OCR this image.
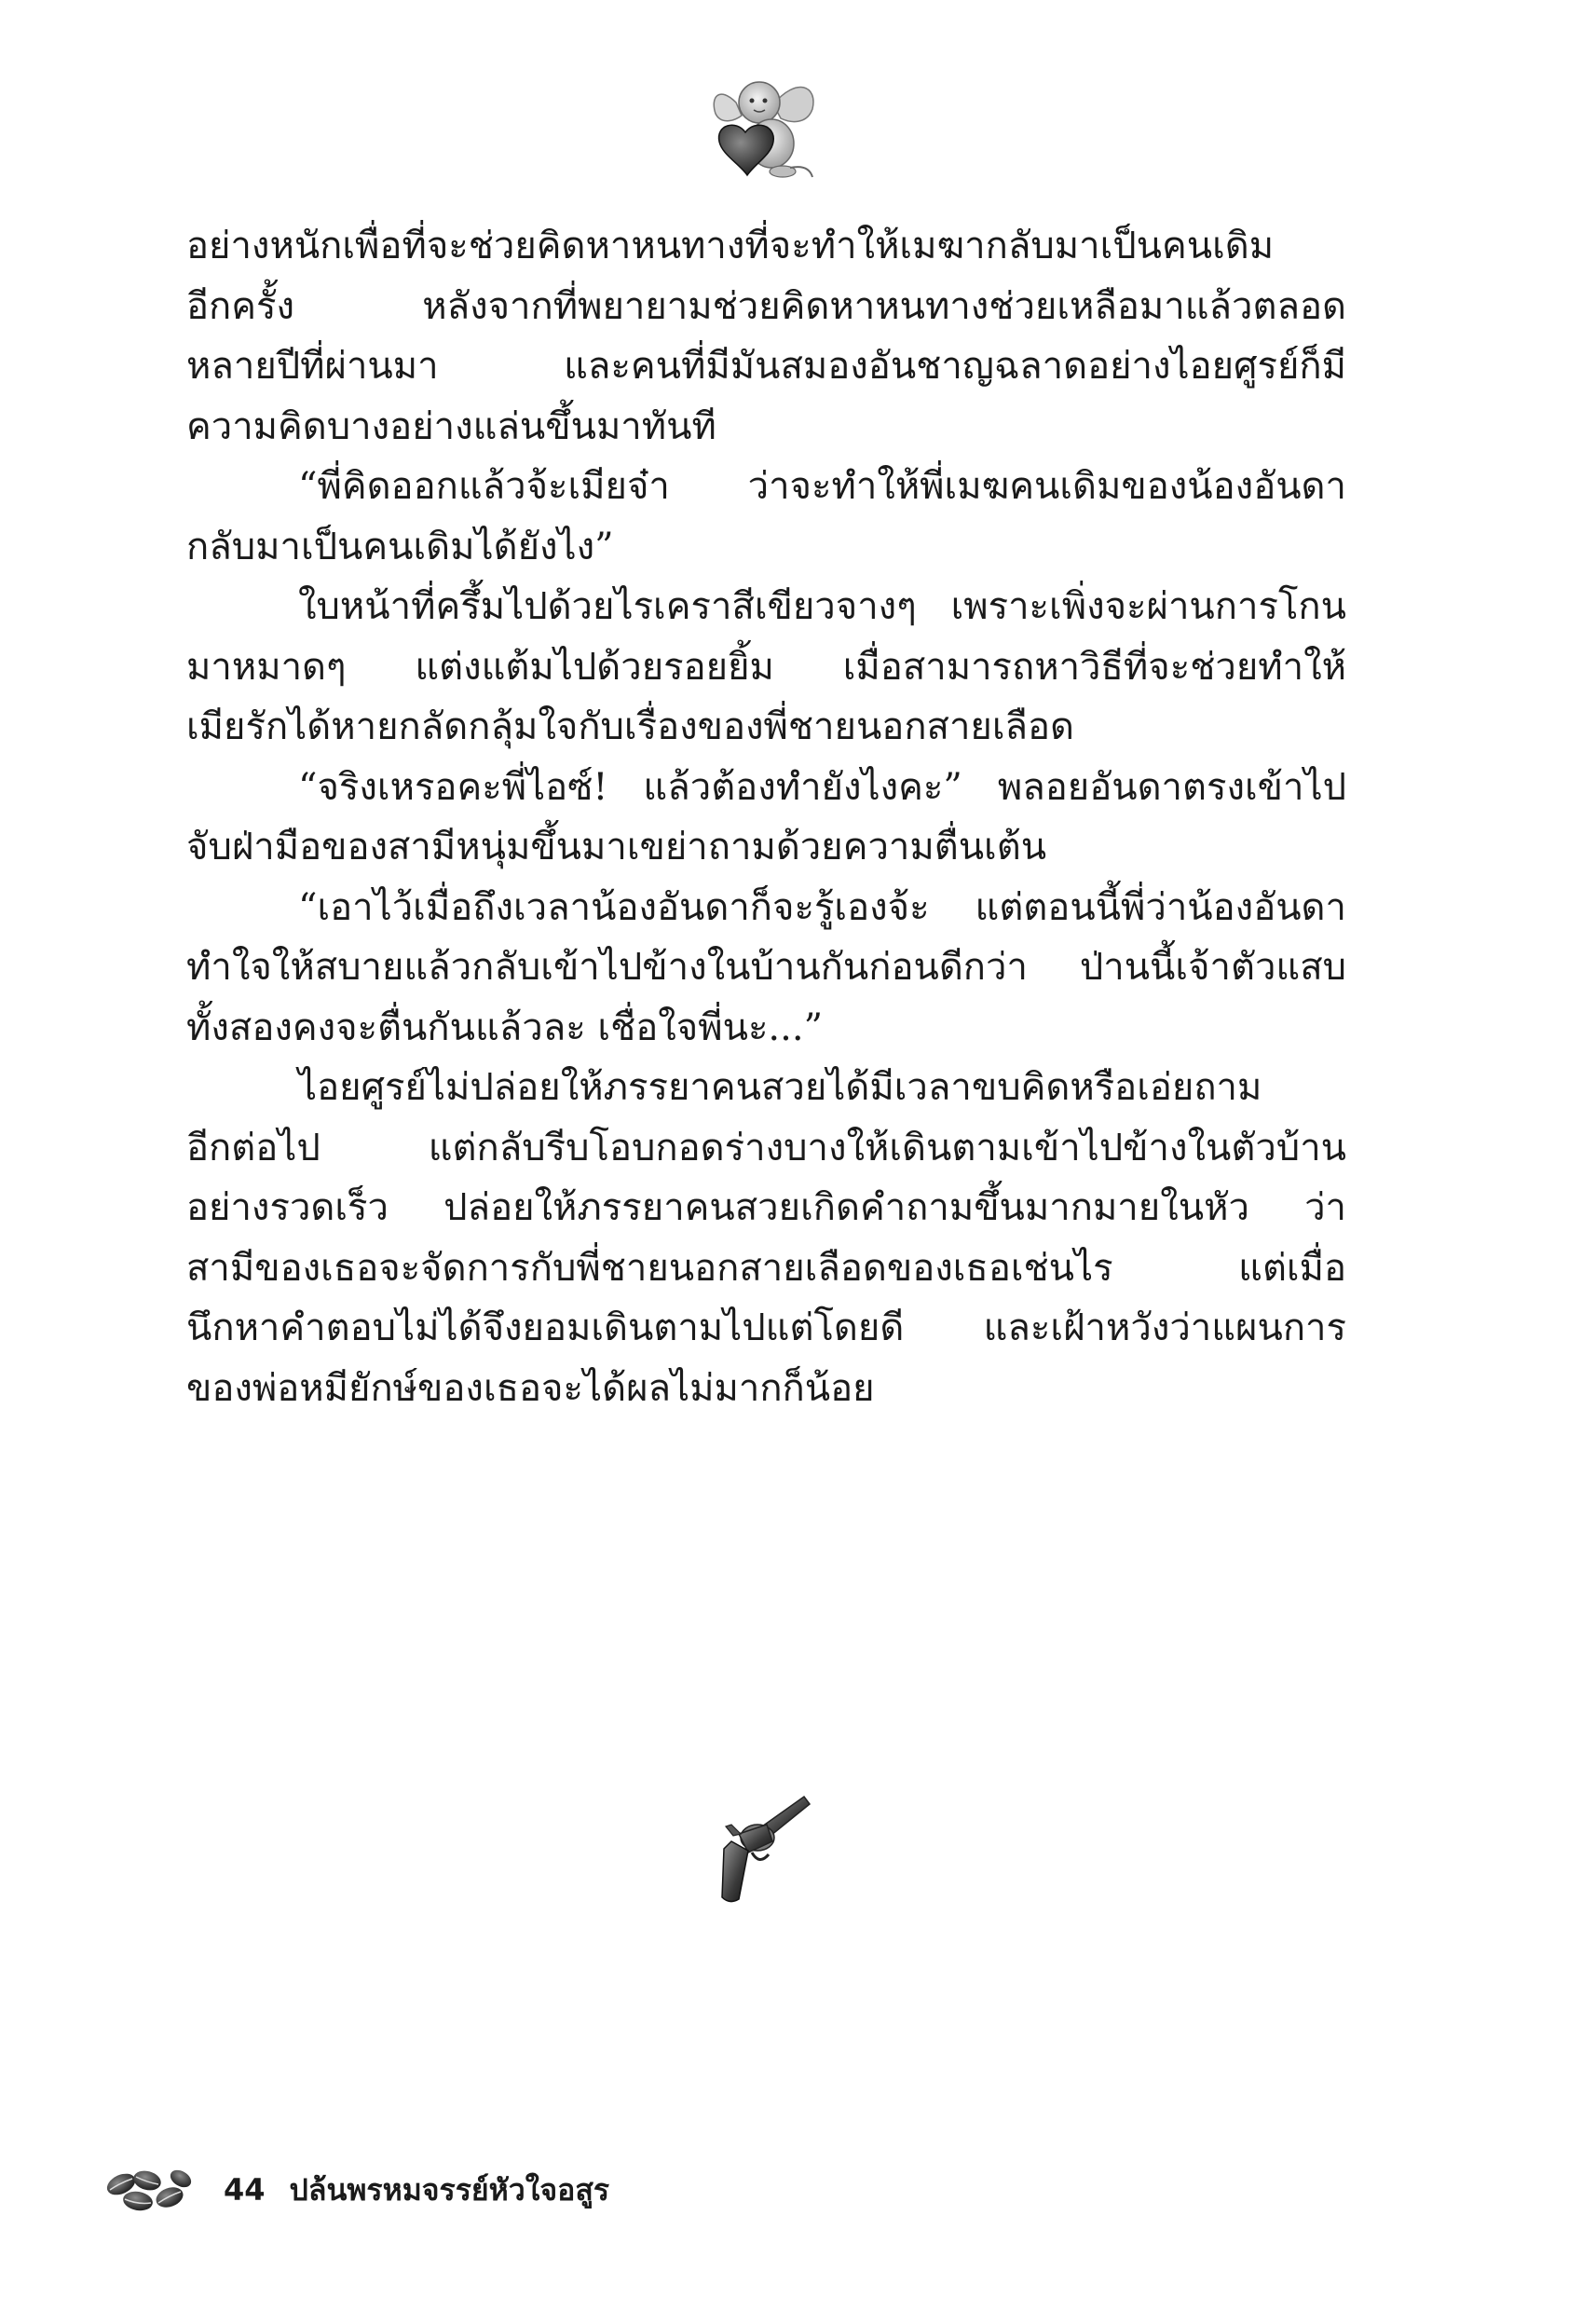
อย่างหนักเพื่อที่จะช่วยคิดหาหนทางที่จะทำให้เมฆากลับมาเป็นคนเดิม
อีกครั้ง หลังจากที่พยายามช่วยคิดหาหนทางช่วยเหลือมาแล้วตลอด
หลายปีที่ผ่านมา และคนที่มีมันสมองอันชาญฉลาดอย่างไอยศูรย์ก็มี
ความคิดบางอย่างแล่นขึ้นมาทันที
“พี่คิดออกแล้วจ้ะเมียจ๋า ว่าจะทำให้พี่เมฆคนเดิมของน้องอันดา
กลับมาเป็นคนเดิมได้ยังไง”
ใบหน้าที่ครึ้มไปด้วยไรเคราสีเขียวจางๆ เพราะเพิ่งจะผ่านการโกน
มาหมาดๆ แต่งแต้มไปด้วยรอยยิ้ม เมื่อสามารถหาวิธีที่จะช่วยทำให้
เมียรักได้หายกลัดกลุ้มใจกับเรื่องของพี่ชายนอกสายเลือด
“จริงเหรอคะพี่ไอซ์! แล้วต้องทำยังไงคะ” พลอยอันดาตรงเข้าไป
จับฝ่ามือของสามีหนุ่มขึ้นมาเขย่าถามด้วยความตื่นเต้น
“เอาไว้เมื่อถึงเวลาน้องอันดาก็จะรู้เองจ้ะ แต่ตอนนี้พี่ว่าน้องอันดา
ทำใจให้สบายแล้วกลับเข้าไปข้างในบ้านกันก่อนดีกว่า ป่านนี้เจ้าตัวแสบ
ทั้งสองคงจะตื่นกันแล้วละ เชื่อใจพี่นะ...”
ไอยศูรย์ไม่ปล่อยให้ภรรยาคนสวยได้มีเวลาขบคิดหรือเอ่ยถาม
อีกต่อไป แต่กลับรีบโอบกอดร่างบางให้เดินตามเข้าไปข้างในตัวบ้าน
อย่างรวดเร็ว ปล่อยให้ภรรยาคนสวยเกิดคำถามขึ้นมากมายในหัว ว่า
สามีของเธอจะจัดการกับพี่ชายนอกสายเลือดของเธอเช่นไร แต่เมื่อ
นึกหาคำตอบไม่ได้จึงยอมเดินตามไปแต่โดยดี และเฝ้าหวังว่าแผนการ
ของพ่อหมียักษ์ของเธอจะได้ผลไม่มากก็น้อย
44 ปล้นพรหมจรรย์หัวใจอสูร
